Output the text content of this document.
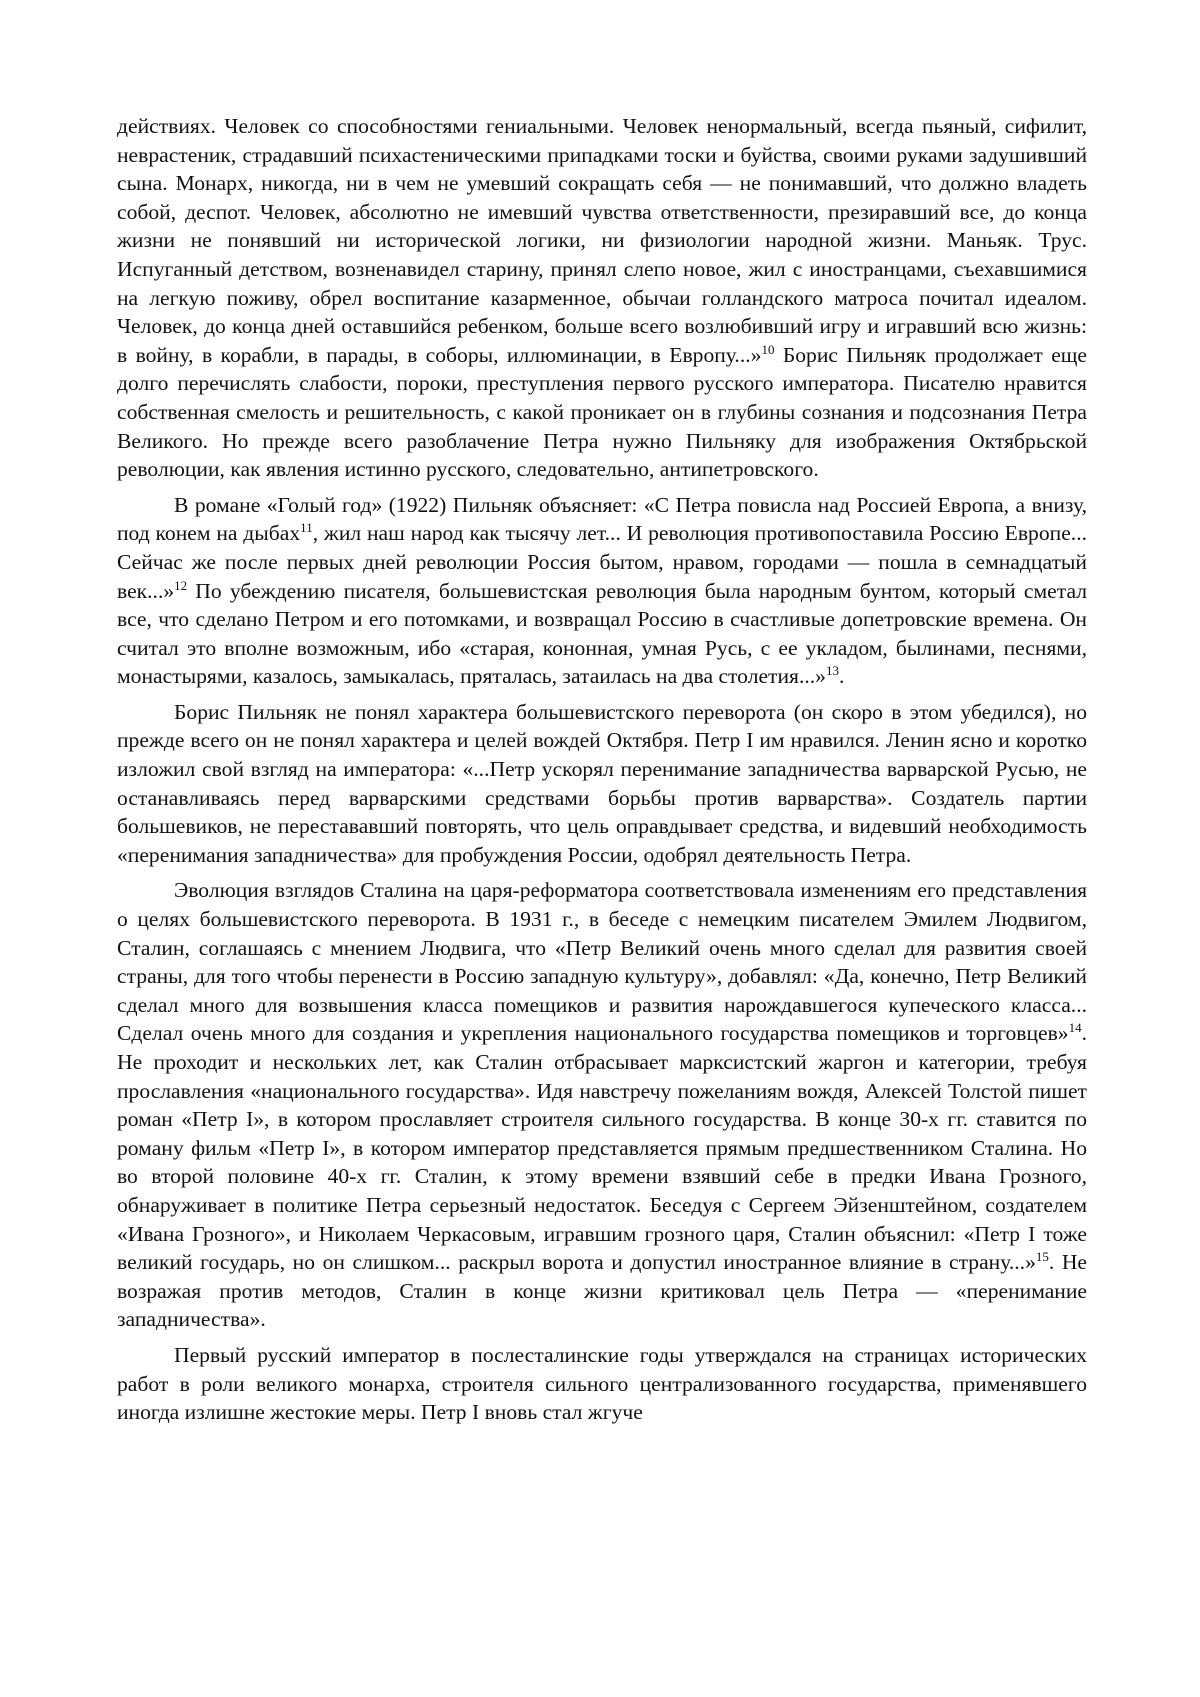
действиях. Человек со способностями гениальными. Человек ненормальный, всегда пьяный, сифилит, неврастеник, страдавший психастеническими припадками тоски и буйства, своими руками задушивший сына. Монарх, никогда, ни в чем не умевший сокращать себя — не понимавший, что должно владеть собой, деспот. Человек, абсолютно не имевший чувства ответственности, презиравший все, до конца жизни не понявший ни исторической логики, ни физиологии народной жизни. Маньяк. Трус. Испуганный детством, возненавидел старину, принял слепо новое, жил с иностранцами, съехавшимися на легкую поживу, обрел воспитание казарменное, обычаи голландского матроса почитал идеалом. Человек, до конца дней оставшийся ребенком, больше всего возлюбивший игру и игравший всю жизнь: в войну, в корабли, в парады, в соборы, иллюминации, в Европу...»$^{10}$ Борис Пильняк продолжает еще долго перечислять слабости, пороки, преступления первого русского императора. Писателю нравится собственная смелость и решительность, с какой проникает он в глубины сознания и подсознания Петра Великого. Но прежде всего разоблачение Петра нужно Пильняку для изображения Октябрьской революции, как явления истинно русского, следовательно, антипетровского.

В романе «Голый год» (1922) Пильняк объясняет: «С Петра повисла над Россией Европа, а внизу, под конем на дыбах$^{11}$, жил наш народ как тысячу лет... И революция противопоставила Россию Европе... Сейчас же после первых дней революции Россия бытом, нравом, городами — пошла в семнадцатый век...»$^{12}$ По убеждению писателя, большевистская революция была народным бунтом, который сметал все, что сделано Петром и его потомками, и возвращал Россию в счастливые допетровские времена. Он считал это вполне возможным, ибо «старая, кононная, умная Русь, с ее укладом, былинами, песнями, монастырями, казалось, замыкалась, пряталась, затаилась на два столетия...»$^{13}$.

Борис Пильняк не понял характера большевистского переворота (он скоро в этом убедился), но прежде всего он не понял характера и целей вождей Октября. Петр I им нравился. Ленин ясно и коротко изложил свой взгляд на императора: «...Петр ускорял перенимание западничества варварской Русью, не останавливаясь перед варварскими средствами борьбы против варварства». Создатель партии большевиков, не перестававший повторять, что цель оправдывает средства, и видевший необходимость «перенимания западничества» для пробуждения России, одобрял деятельность Петра.

Эволюция взглядов Сталина на царя-реформатора соответствовала изменениям его представления о целях большевистского переворота. В 1931 г., в беседе с немецким писателем Эмилем Людвигом, Сталин, соглашаясь с мнением Людвига, что «Петр Великий очень много сделал для развития своей страны, для того чтобы перенести в Россию западную культуру», добавлял: «Да, конечно, Петр Великий сделал много для возвышения класса помещиков и развития нарождавшегося купеческого класса... Сделал очень много для создания и укрепления национального государства помещиков и торговцев»$^{14}$. Не проходит и нескольких лет, как Сталин отбрасывает марксистский жаргон и категории, требуя прославления «национального государства». Идя навстречу пожеланиям вождя, Алексей Толстой пишет роман «Петр I», в котором прославляет строителя сильного государства. В конце 30-х гг. ставится по роману фильм «Петр I», в котором император представляется прямым предшественником Сталина. Но во второй половине 40-х гг. Сталин, к этому времени взявший себе в предки Ивана Грозного, обнаруживает в политике Петра серьезный недостаток. Беседуя с Сергеем Эйзенштейном, создателем «Ивана Грозного», и Николаем Черкасовым, игравшим грозного царя, Сталин объяснил: «Петр I тоже великий государь, но он слишком... раскрыл ворота и допустил иностранное влияние в страну...»$^{15}$. Не возражая против методов, Сталин в конце жизни критиковал цель Петра — «перенимание западничества».

Первый русский император в послесталинские годы утверждался на страницах исторических работ в роли великого монарха, строителя сильного централизованного государства, применявшего иногда излишне жестокие меры. Петр I вновь стал жгуче
